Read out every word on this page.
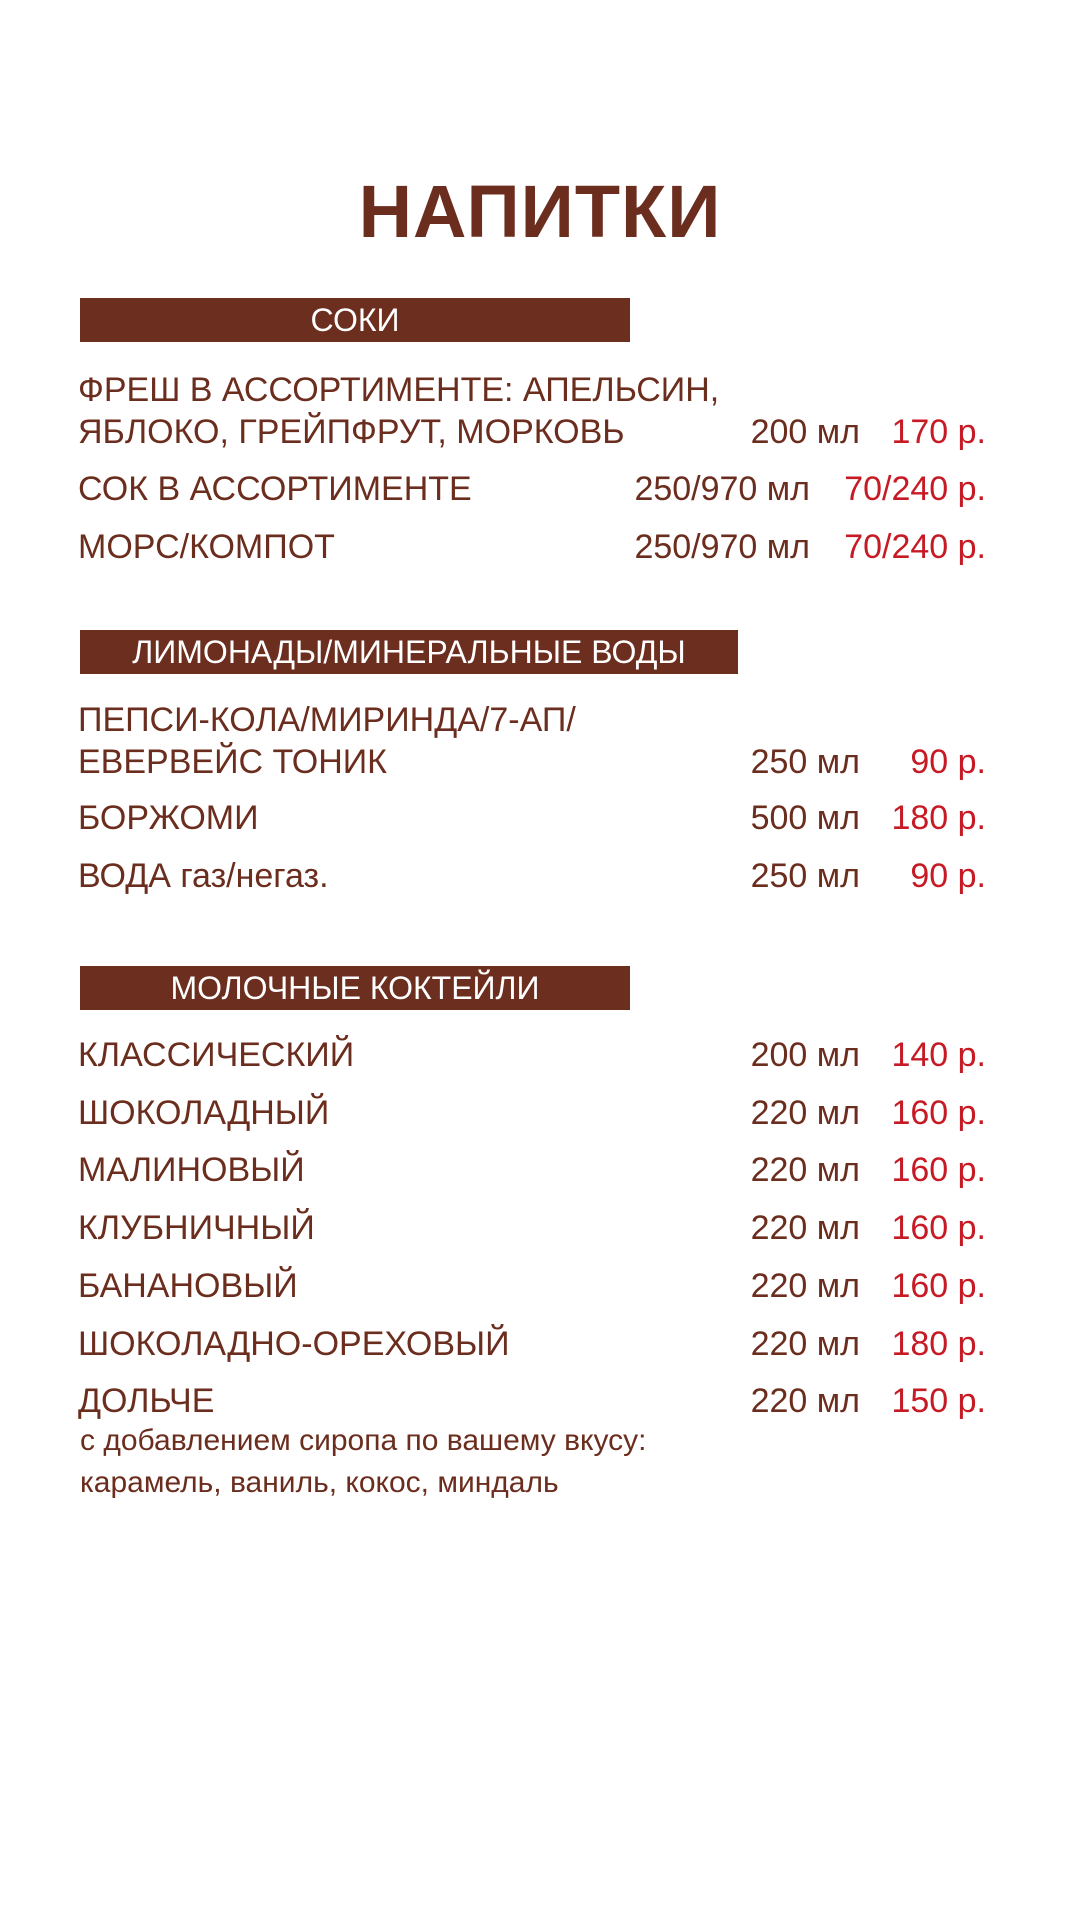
НАПИТКИ
СОКИ
ФРЕШ В АССОРТИМЕНТЕ: АПЕЛЬСИН,
ЯБЛОКО, ГРЕЙПФРУТ, МОРКОВЬ	200 мл 170 р.
СОК В АССОРТИМЕНТЕ	250/970 мл 70/240 р.
МОРС/КОМПОТ	250/970 мл 70/240 р.
ЛИМОНАДЫ/МИНЕРАЛЬНЫЕ ВОДЫ
ПЕПСИ-КОЛА/МИРИНДА/7-АП/
ЕВЕРВЕЙС ТОНИК	250 мл 90 р.
БОРЖОМИ	500 мл 180 р.
ВОДА газ/негаз.	250 мл 90 р.
МОЛОЧНЫЕ КОКТЕЙЛИ
КЛАССИЧЕСКИЙ	200 мл 140 р.
ШОКОЛАДНЫЙ	220 мл 160 р.
МАЛИНОВЫЙ	220 мл 160 р.
КЛУБНИЧНЫЙ	220 мл 160 р.
БАНАНОВЫЙ	220 мл 160 р.
ШОКОЛАДНО-ОРЕХОВЫЙ	220 мл 180 р.
ДОЛЬЧЕ	220 мл 150 р.
с добавлением сиропа по вашему вкусу:
карамель, ваниль, кокос, миндаль
